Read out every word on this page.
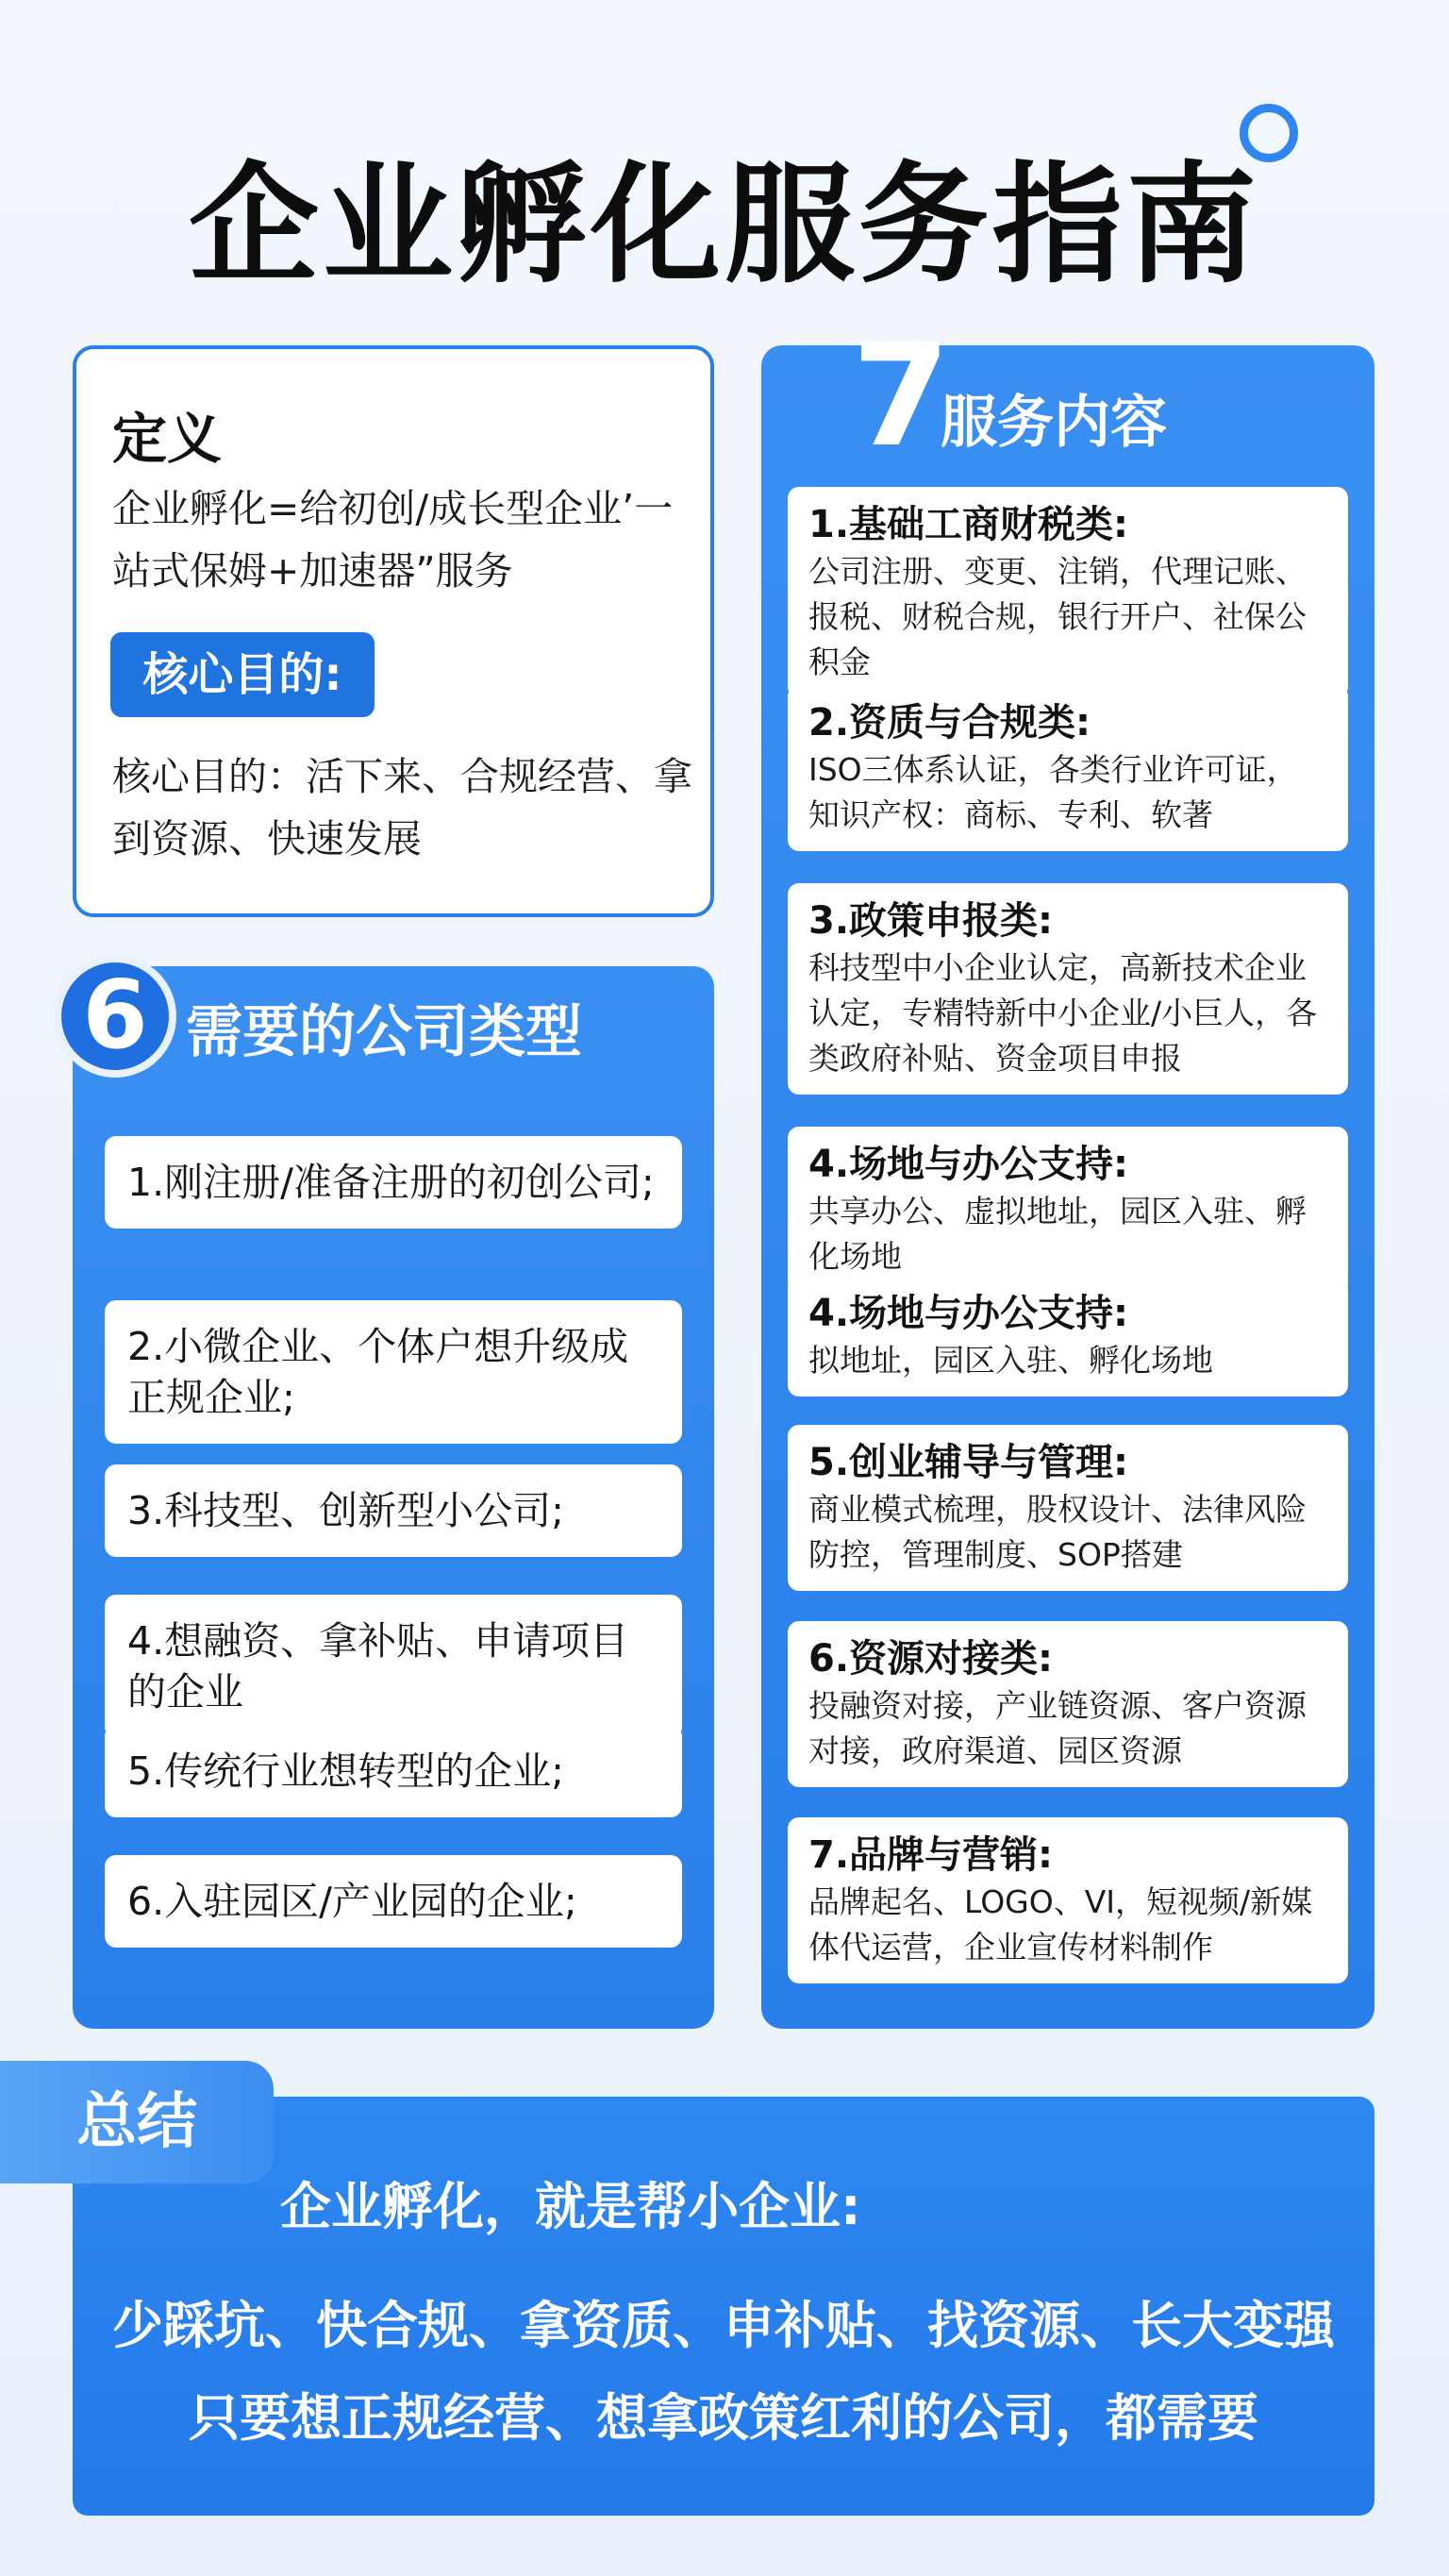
企业孵化服务指南
定义
企业孵化=给初创/成长型企业’一站式保姆+加速器”服务
核心目的:
核心目的：活下来、合规经营、拿到资源、快速发展
6 需要的公司类型
1.刚注册/准备注册的初创公司;
2.小微企业、个体户想升级成正规企业;
3.科技型、创新型小公司;
4.想融资、拿补贴、申请项目的企业
5.传统行业想转型的企业;
6.入驻园区/产业园的企业;
7
服务内容
1.基础工商财税类:
公司注册、变更、注销，代理记账、报税、财税合规，银行开户、社保公积金
2.资质与合规类:
ISO三体系认证，各类行业许可证，知识产权：商标、专利、软著
3.政策申报类:
科技型中小企业认定，高新技术企业认定，专精特新中小企业/小巨人，各类政府补贴、资金项目申报
4.场地与办公支持:
共享办公、虚拟地址，园区入驻、孵化场地
4.场地与办公支持:
拟地址，园区入驻、孵化场地
5.创业辅导与管理:
商业模式梳理，股权设计、法律风险防控，管理制度、SOP搭建
6.资源对接类:
投融资对接，产业链资源、客户资源对接，政府渠道、园区资源
7.品牌与营销:
品牌起名、LOGO、VI，短视频/新媒体代运营，企业宣传材料制作
企业孵化，就是帮小企业:
少踩坑、快合规、拿资质、申补贴、找资源、长大变强
只要想正规经营、想拿政策红利的公司，都需要
总结
